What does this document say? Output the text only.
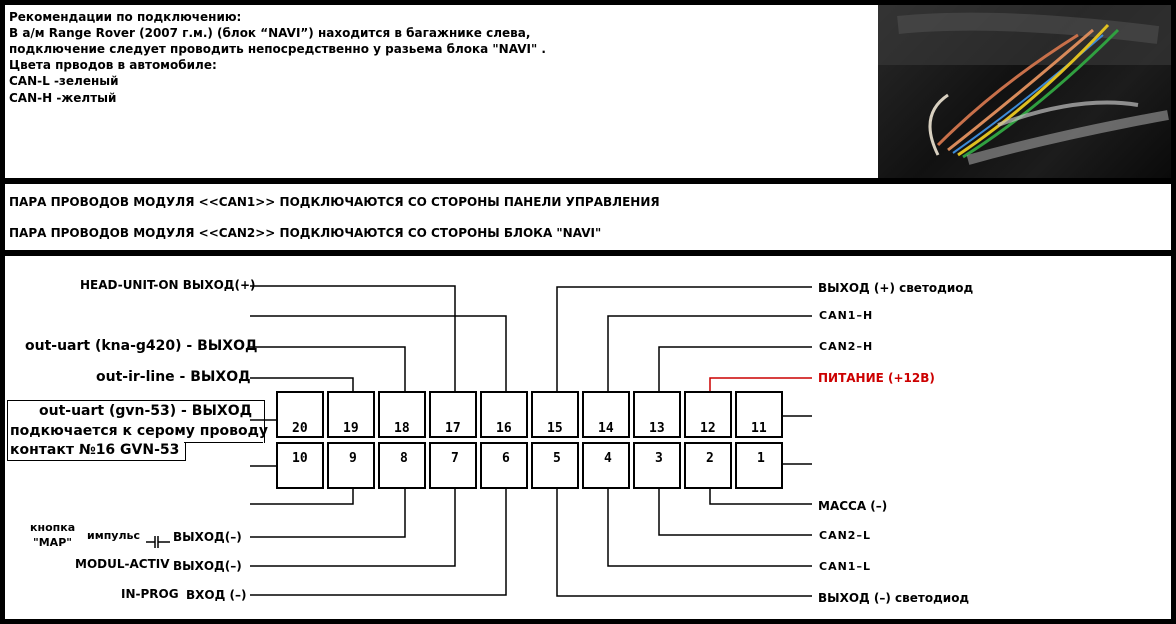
Рекомендации по подключению:
В а/м Range Rover (2007 г.м.) (блок “NAVI”) находится в багажнике слева,
подключение следует проводить непосредственно у разьема блока "NAVI" .
Цвета прводов в автомобиле:
CAN-L -зеленый
CAN-H -желтый
ПАРА ПРОВОДОВ МОДУЛЯ <<CAN1>> ПОДКЛЮЧАЮТСЯ СО СТОРОНЫ ПАНЕЛИ УПРАВЛЕНИЯ
ПАРА ПРОВОДОВ МОДУЛЯ <<CAN2>> ПОДКЛЮЧАЮТСЯ СО СТОРОНЫ БЛОКА "NAVI"
20	19	18	17	16	15	14	13	12	11
10	9	8	7	6	5	4	3	2	1
HEAD-UNIT-ON ВЫХОД(+)
out-uart (kna-g420) - ВЫХОД
out-ir-line - ВЫХОД
out-uart (gvn-53) - ВЫХОД
подкючается к серому проводу
контакт №16 GVN-53
кнопка
"MAP"
импульс	ВЫХОД(–)
MODUL-ACTIV ВЫХОД(–)
IN-PROG ВХОД (–)
ВЫХОД (+) светодиод
CAN1–H
CAN2–H
ПИТАНИЕ (+12В)
МАССА (–)
CAN2–L
CAN1–L
ВЫХОД (–) светодиод
